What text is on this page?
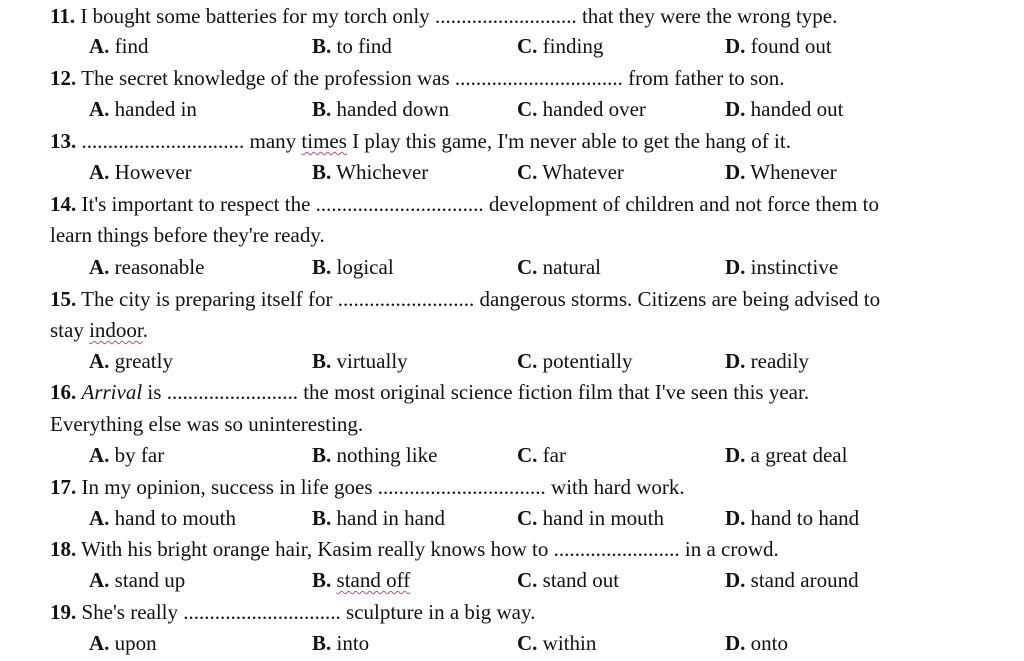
11. I bought some batteries for my torch only ........................... that they were the wrong type.
A. find	B. to find	C. finding	D. found out
12. The secret knowledge of the profession was ................................ from father to son.
A. handed in	B. handed down	C. handed over	D. handed out
13. ............................... many times I play this game, I'm never able to get the hang of it.
A. However	B. Whichever	C. Whatever	D. Whenever
14. It's important to respect the ................................ development of children and not force them to
learn things before they're ready.
A. reasonable	B. logical	C. natural	D. instinctive
15. The city is preparing itself for .......................... dangerous storms. Citizens are being advised to
stay indoor.
A. greatly	B. virtually	C. potentially	D. readily
16. Arrival is ......................... the most original science fiction film that I've seen this year.
Everything else was so uninteresting.
A. by far	B. nothing like	C. far	D. a great deal
17. In my opinion, success in life goes ................................ with hard work.
A. hand to mouth	B. hand in hand	C. hand in mouth	D. hand to hand
18. With his bright orange hair, Kasim really knows how to ........................ in a crowd.
A. stand up	B. stand off	C. stand out	D. stand around
19. She's really .............................. sculpture in a big way.
A. upon	B. into	C. within	D. onto
